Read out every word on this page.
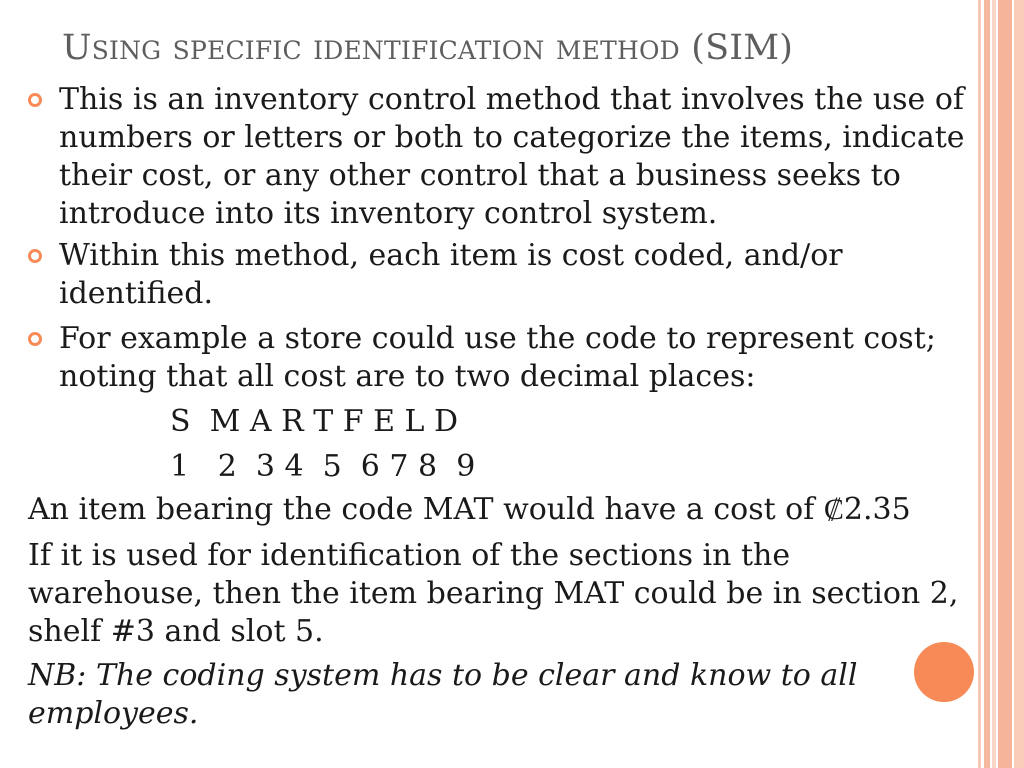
Using specific identification method (SIM)
This is an inventory control method that involves the use of numbers or letters or both to categorize the items, indicate their cost, or any other control that a business seeks to introduce into its inventory control system.
Within this method, each item is cost coded, and/or identified.
For example a store could use the code to represent cost; noting that all cost are to two decimal places:
S  M A R T F E L D
1   2  3 4  5  6 7 8  9
An item bearing the code MAT would have a cost of ₡2.35
If it is used for identification of the sections in the warehouse, then the item bearing MAT could be in section 2, shelf #3 and slot 5.
NB: The coding system has to be clear and know to all employees.
